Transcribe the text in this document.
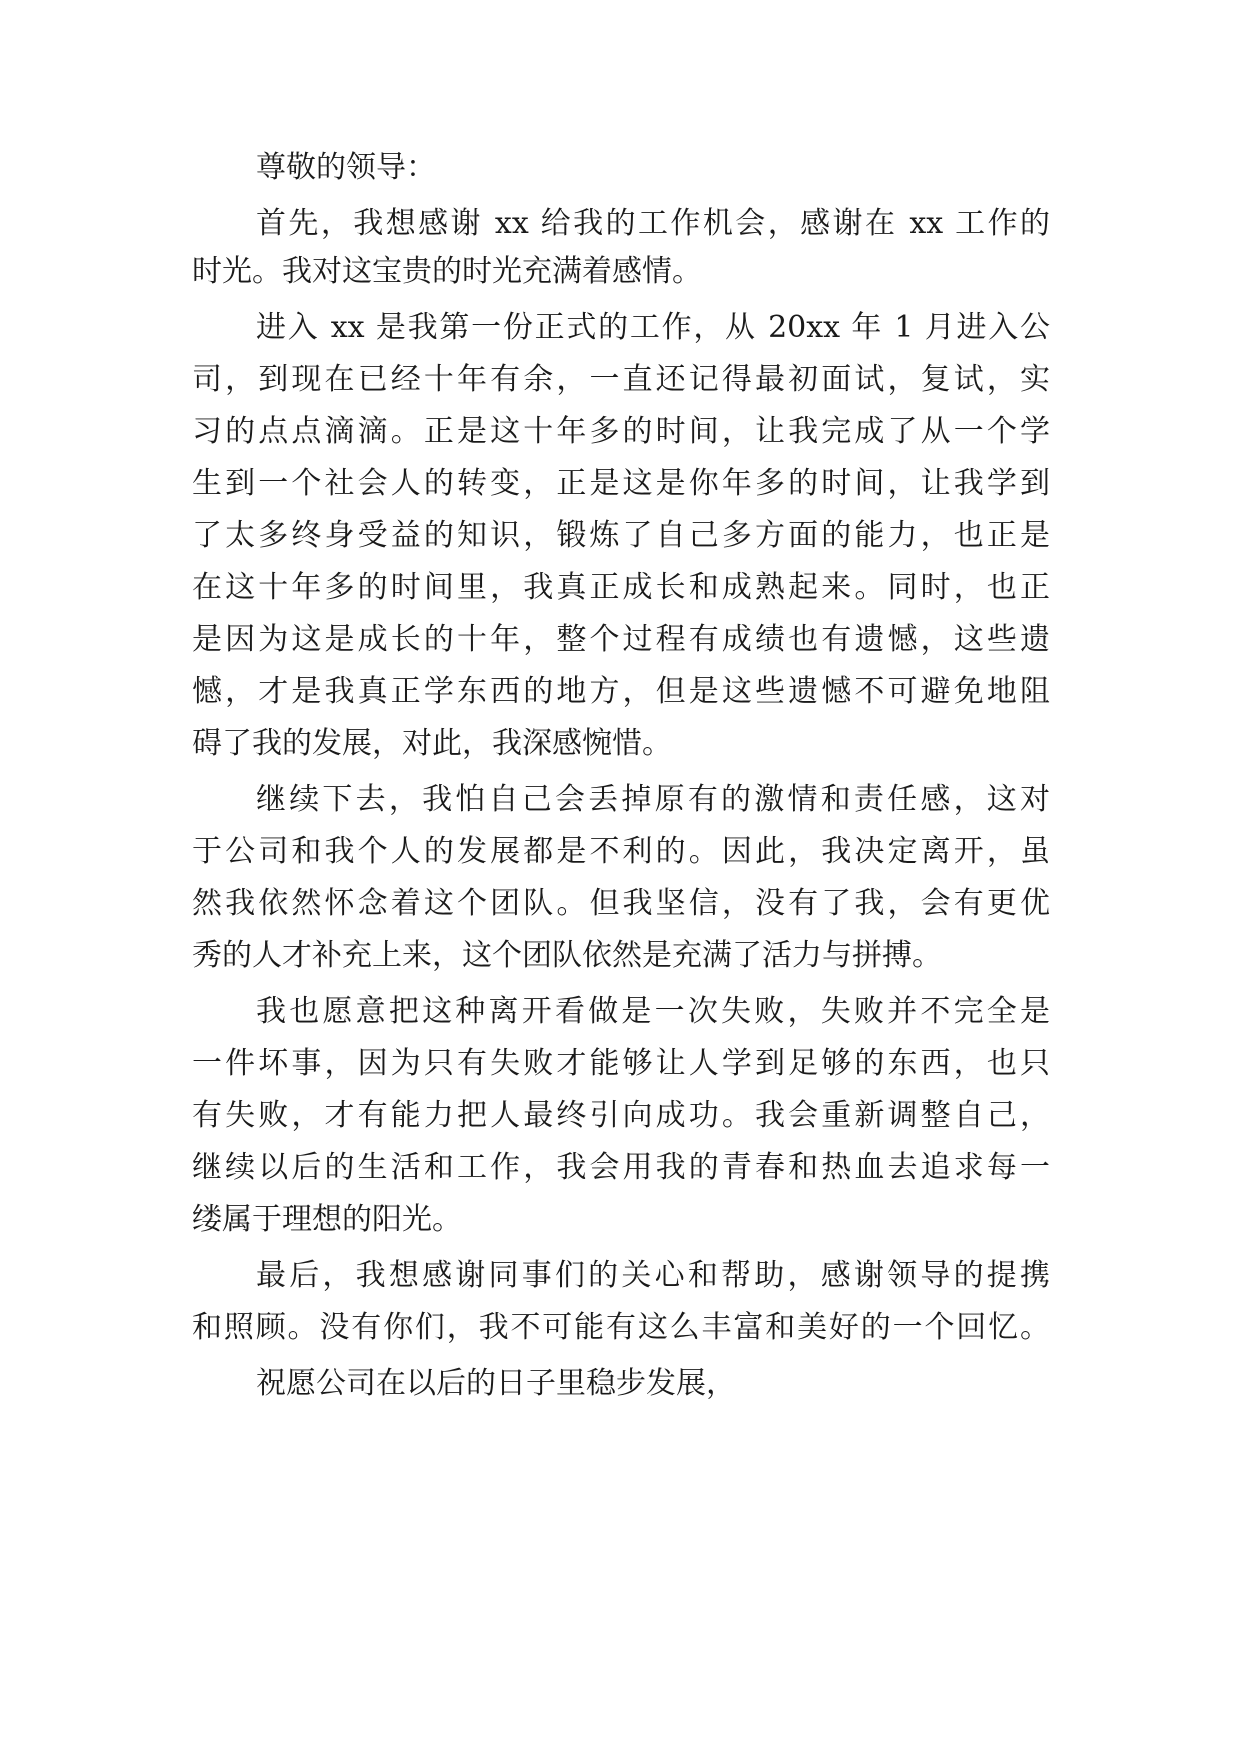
尊敬的领导：
首先，我想感谢 xx 给我的工作机会，感谢在 xx 工作的
时光。我对这宝贵的时光充满着感情。
进入 xx 是我第一份正式的工作，从 20xx 年 1 月进入公
司，到现在已经十年有余，一直还记得最初面试，复试，实
习的点点滴滴。正是这十年多的时间，让我完成了从一个学
生到一个社会人的转变，正是这是你年多的时间，让我学到
了太多终身受益的知识，锻炼了自己多方面的能力，也正是
在这十年多的时间里，我真正成长和成熟起来。同时，也正
是因为这是成长的十年，整个过程有成绩也有遗憾，这些遗
憾，才是我真正学东西的地方，但是这些遗憾不可避免地阻
碍了我的发展，对此，我深感惋惜。
继续下去，我怕自己会丢掉原有的激情和责任感，这对
于公司和我个人的发展都是不利的。因此，我决定离开，虽
然我依然怀念着这个团队。但我坚信，没有了我，会有更优
秀的人才补充上来，这个团队依然是充满了活力与拼搏。
我也愿意把这种离开看做是一次失败，失败并不完全是
一件坏事，因为只有失败才能够让人学到足够的东西，也只
有失败，才有能力把人最终引向成功。我会重新调整自己，
继续以后的生活和工作，我会用我的青春和热血去追求每一
缕属于理想的阳光。
最后，我想感谢同事们的关心和帮助，感谢领导的提携
和照顾。没有你们，我不可能有这么丰富和美好的一个回忆。
祝愿公司在以后的日子里稳步发展，
